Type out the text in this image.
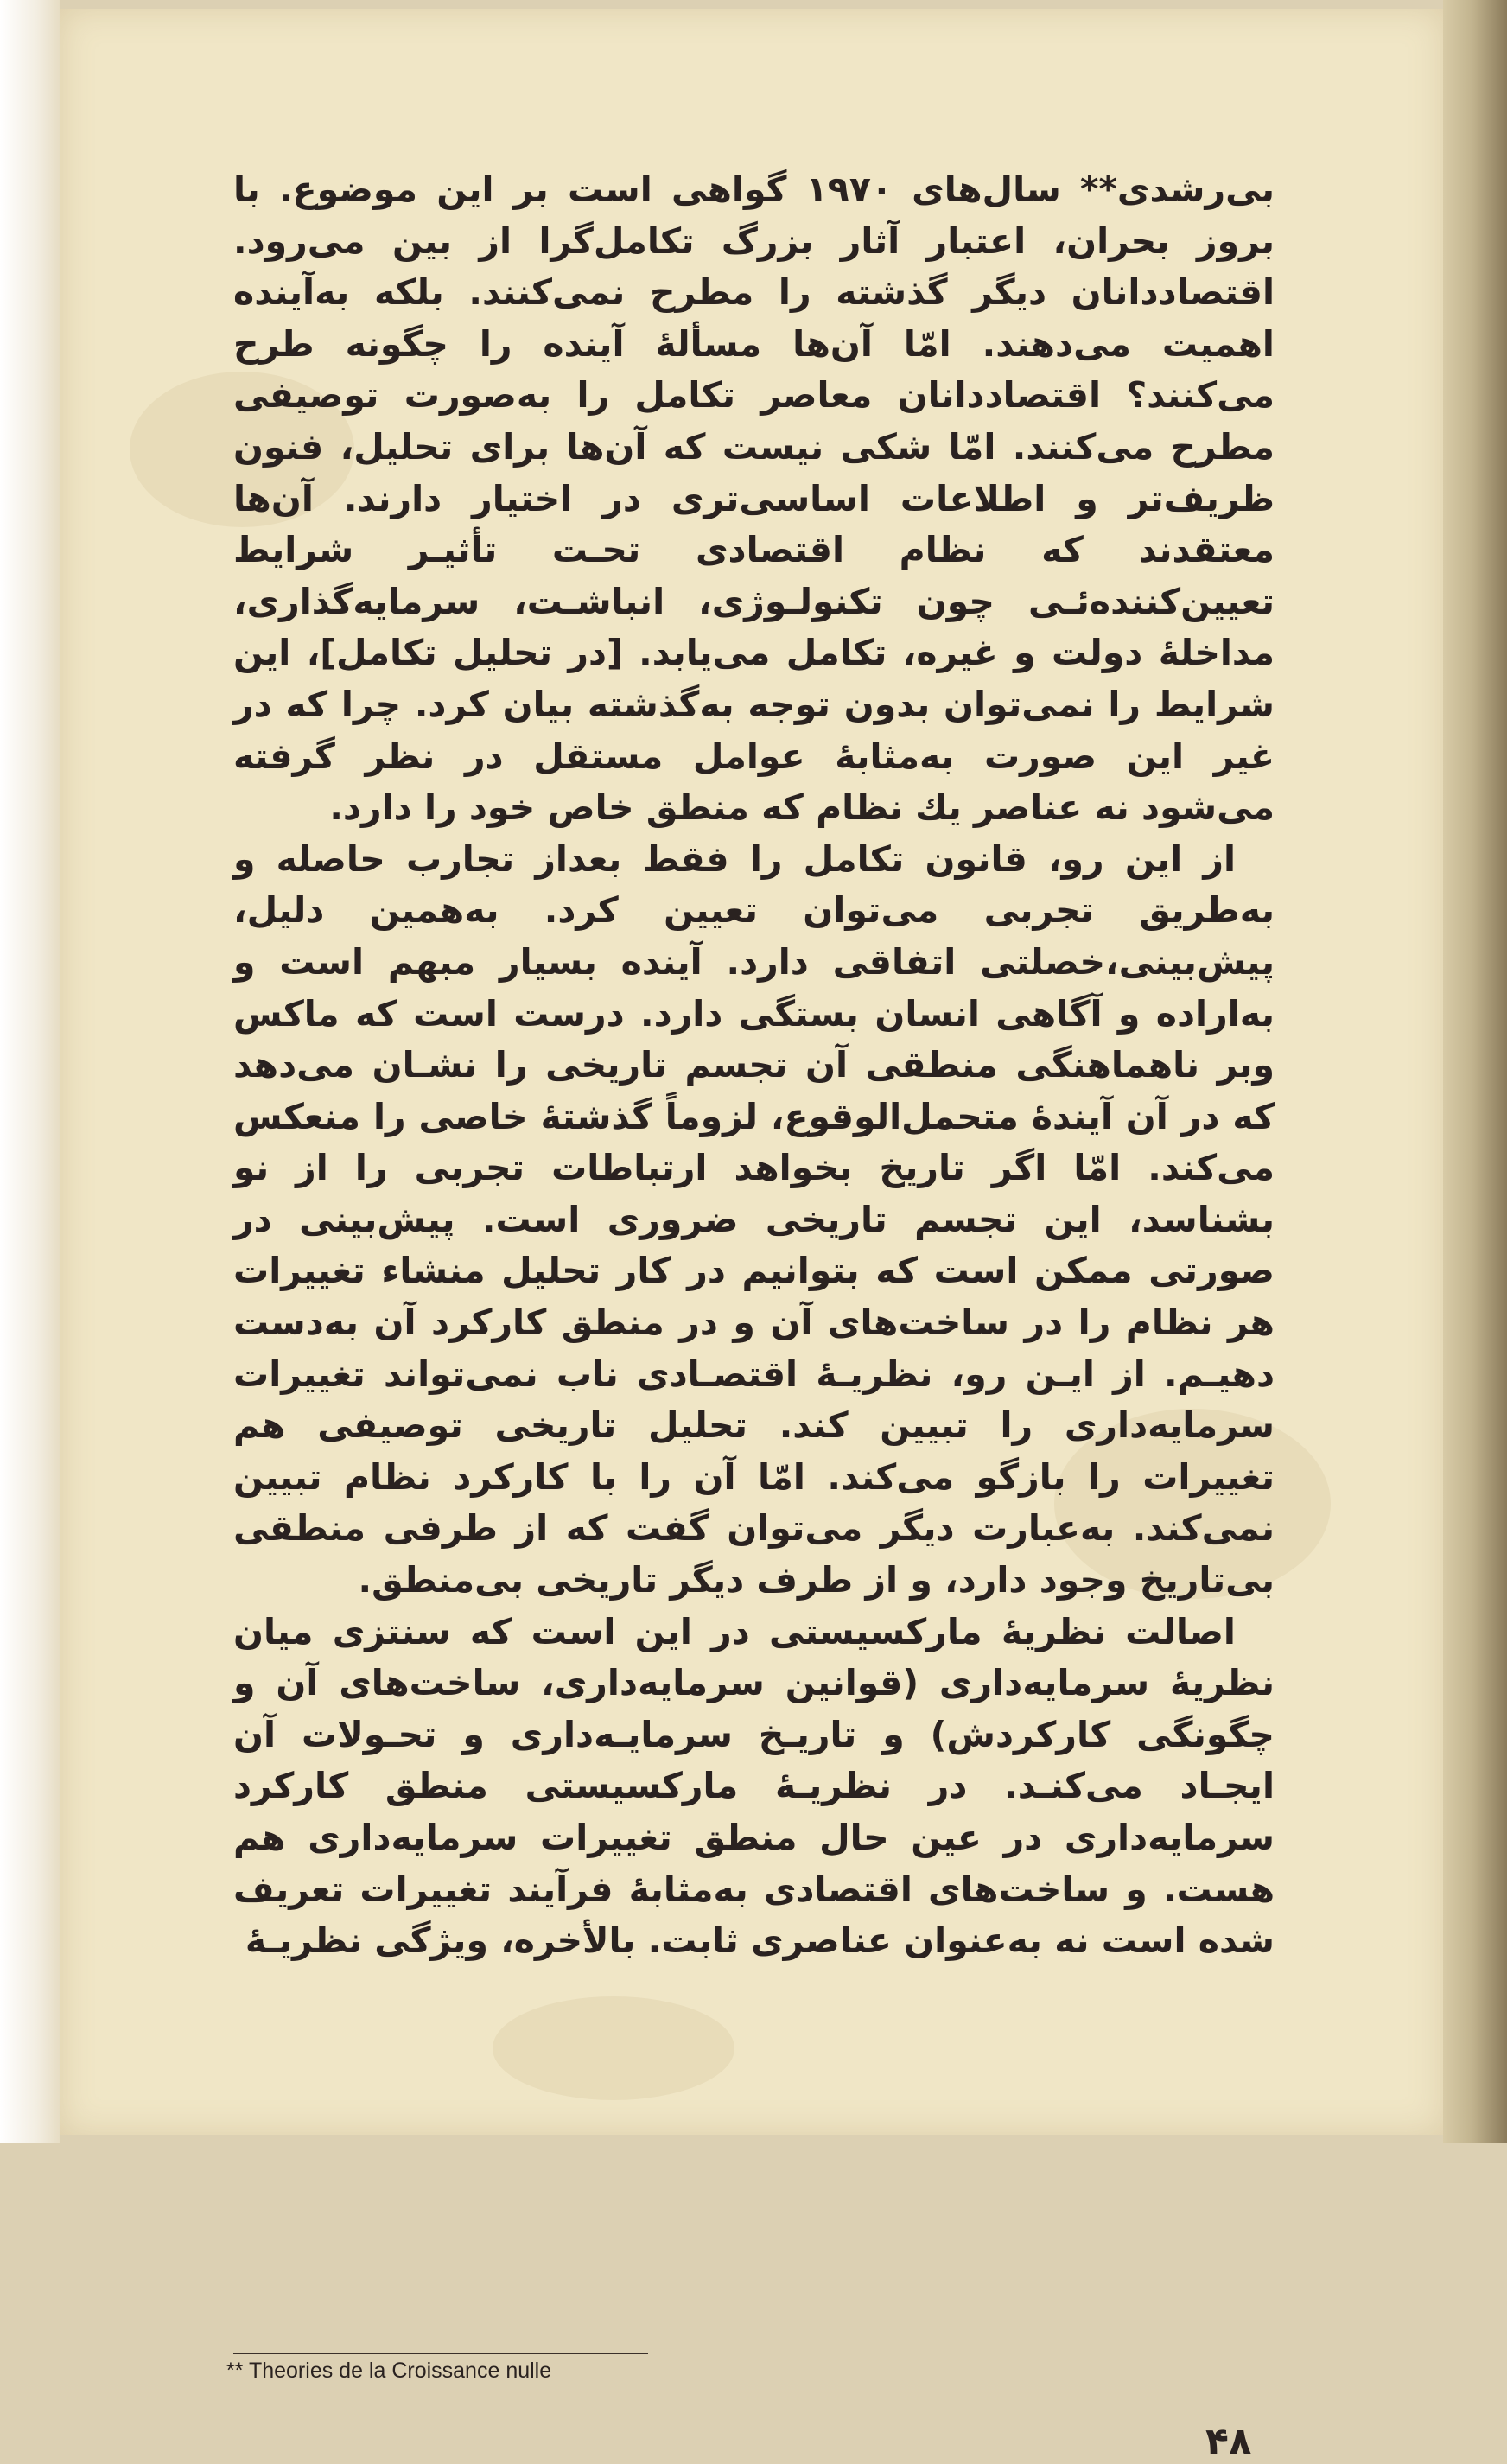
بی‌رشدی** سال‌های ۱۹۷۰ گواهی است بر این موضوع. با بروز بحران، اعتبار آثار بزرگ تکامل‌گرا از بین می‌رود. اقتصاددانان دیگر گذشته را مطرح نمی‌کنند. بلکه به‌آینده اهمیت می‌دهند. امّا آن‌ها مسألهٔ آینده را چگونه طرح می‌کنند؟ اقتصاددانان معاصر تکامل را به‌صورت توصیفی مطرح می‌کنند. امّا شکی نیست که آن‌ها برای تحلیل، فنون ظریف‌تر و اطلاعات اساسی‌تری در اختیار دارند. آن‌ها معتقدند که نظام اقتصادی تحـت تأثیـر شرایط تعیین‌کننده‌ئـی چون تکنولـوژی، انباشـت، سرمایه‌گذاری، مداخلهٔ دولت و غیره، تکامل می‌یابد. [در تحلیل تکامل]، این شرایط را نمی‌توان بدون توجه به‌گذشته بیان کرد. چرا که در غیر این صورت به‌مثابهٔ عوامل مستقل در نظر گرفته می‌شود نه عناصر یك نظام که منطق خاص خود را دارد.

از این رو، قانون تکامل را فقط بعداز تجارب حاصله و به‌طریق تجربی می‌توان تعیین کرد. به‌همین دلیل، پیش‌بینی،خصلتی اتفاقی دارد. آینده بسیار مبهم است و به‌اراده و آگاهی انسان بستگی دارد. درست است که ماکس وبر ناهماهنگی منطقی آن تجسم تاریخی را نشـان می‌دهد که در آن آیندهٔ متحمل‌الوقوع، لزوماً گذشتهٔ خاصی را منعکس می‌کند. امّا اگر تاریخ بخواهد ارتباطات تجربی را از نو بشناسد، این تجسم تاریخی ضروری است. پیش‌بینی در صورتی ممکن است که بتوانیم در کار تحلیل منشاء تغییرات هر نظام را در ساخت‌های آن و در منطق کارکرد آن به‌دست دهیـم. از ایـن رو، نظریـهٔ اقتصـادی ناب نمی‌تواند تغییرات سرمایه‌داری را تبیین کند. تحلیل تاریخی توصیفی هم تغییرات را بازگو می‌کند. امّا آن را با کارکرد نظام تبیین نمی‌کند. به‌عبارت دیگر می‌توان گفت که از طرفی منطقی بی‌تاریخ وجود دارد، و از طرف دیگر تاریخی بی‌منطق.

اصالت نظریهٔ مارکسیستی در این است که سنتزی میان نظریهٔ سرمایه‌داری (قوانین سرمایه‌داری، ساخت‌های آن و چگونگی کارکردش) و تاریـخ سرمایـه‌داری و تحـولات آن ایجـاد می‌کنـد. در نظریـهٔ مارکسیستی منطق کارکرد سرمایه‌داری در عین حال منطق تغییرات سرمایه‌داری هم هست. و ساخت‌های اقتصادی به‌مثابهٔ فرآیند تغییرات تعریف شده است نه به‌عنوان عناصری ثابت. بالأخره، ویژگی نظریـهٔ

** Theories de la Croissance nulle
۴۸
